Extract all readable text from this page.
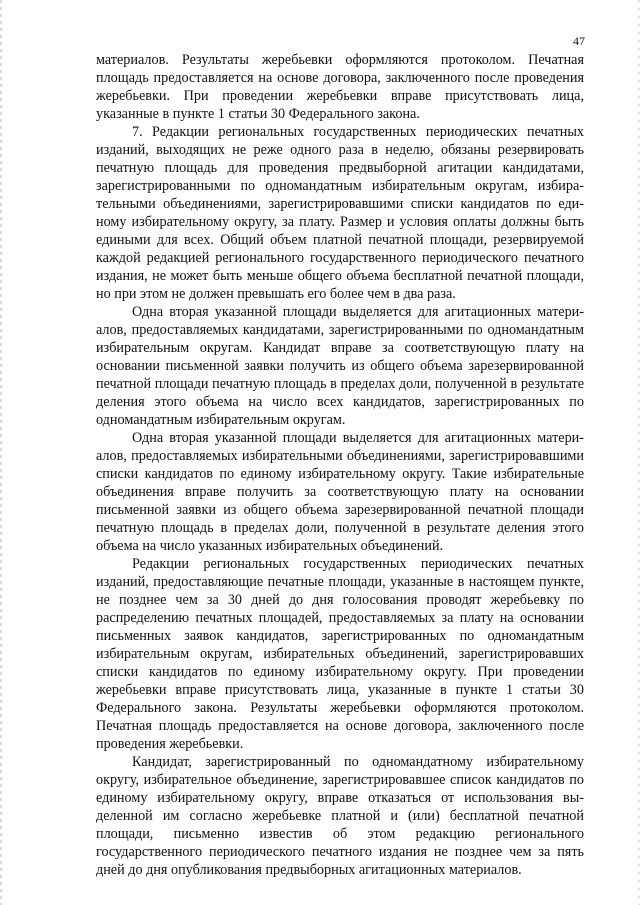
47

материалов. Результаты жеребьевки оформляются протоколом. Печатная площадь предоставляется на основе договора, заключенного после проведения жеребьевки. При проведении жеребьевки вправе присутствовать лица, указанные в пункте 1 статьи 30 Федерального закона.

7. Редакции региональных государственных периодических печатных изданий, выходящих не реже одного раза в неделю, обязаны резервировать печатную площадь для проведения предвыборной агитации кандидатами, зарегистрированными по одномандатным избирательным округам, избирательными объединениями, зарегистрировавшими списки кандидатов по единому избирательному округу, за плату. Размер и условия оплаты должны быть едиными для всех. Общий объем платной печатной площади, резервируемой каждой редакцией регионального государственного периодического печатного издания, не может быть меньше общего объема бесплатной печатной площади, но при этом не должен превышать его более чем в два раза.

Одна вторая указанной площади выделяется для агитационных материалов, предоставляемых кандидатами, зарегистрированными по одномандатным избирательным округам. Кандидат вправе за соответствующую плату на основании письменной заявки получить из общего объема зарезервированной печатной площади печатную площадь в пределах доли, полученной в результате деления этого объема на число всех кандидатов, зарегистрированных по одномандатным избирательным округам.

Одна вторая указанной площади выделяется для агитационных материалов, предоставляемых избирательными объединениями, зарегистрировавшими списки кандидатов по единому избирательному округу. Такие избирательные объединения вправе получить за соответствующую плату на основании письменной заявки из общего объема зарезервированной печатной площади печатную площадь в пределах доли, полученной в результате деления этого объема на число указанных избирательных объединений.

Редакции региональных государственных периодических печатных изданий, предоставляющие печатные площади, указанные в настоящем пункте, не позднее чем за 30 дней до дня голосования проводят жеребьевку по распределению печатных площадей, предоставляемых за плату на основании письменных заявок кандидатов, зарегистрированных по одномандатным избирательным округам, избирательных объединений, зарегистрировавших списки кандидатов по единому избирательному округу. При проведении жеребьевки вправе присутствовать лица, указанные в пункте 1 статьи 30 Федерального закона. Результаты жеребьевки оформляются протоколом. Печатная площадь предоставляется на основе договора, заключенного после проведения жеребьевки.

Кандидат, зарегистрированный по одномандатному избирательному округу, избирательное объединение, зарегистрировавшее список кандидатов по единому избирательному округу, вправе отказаться от использования выделенной им согласно жеребьевке платной и (или) бесплатной печатной площади, письменно известив об этом редакцию регионального государственного периодического печатного издания не позднее чем за пять дней до дня опубликования предвыборных агитационных материалов.
